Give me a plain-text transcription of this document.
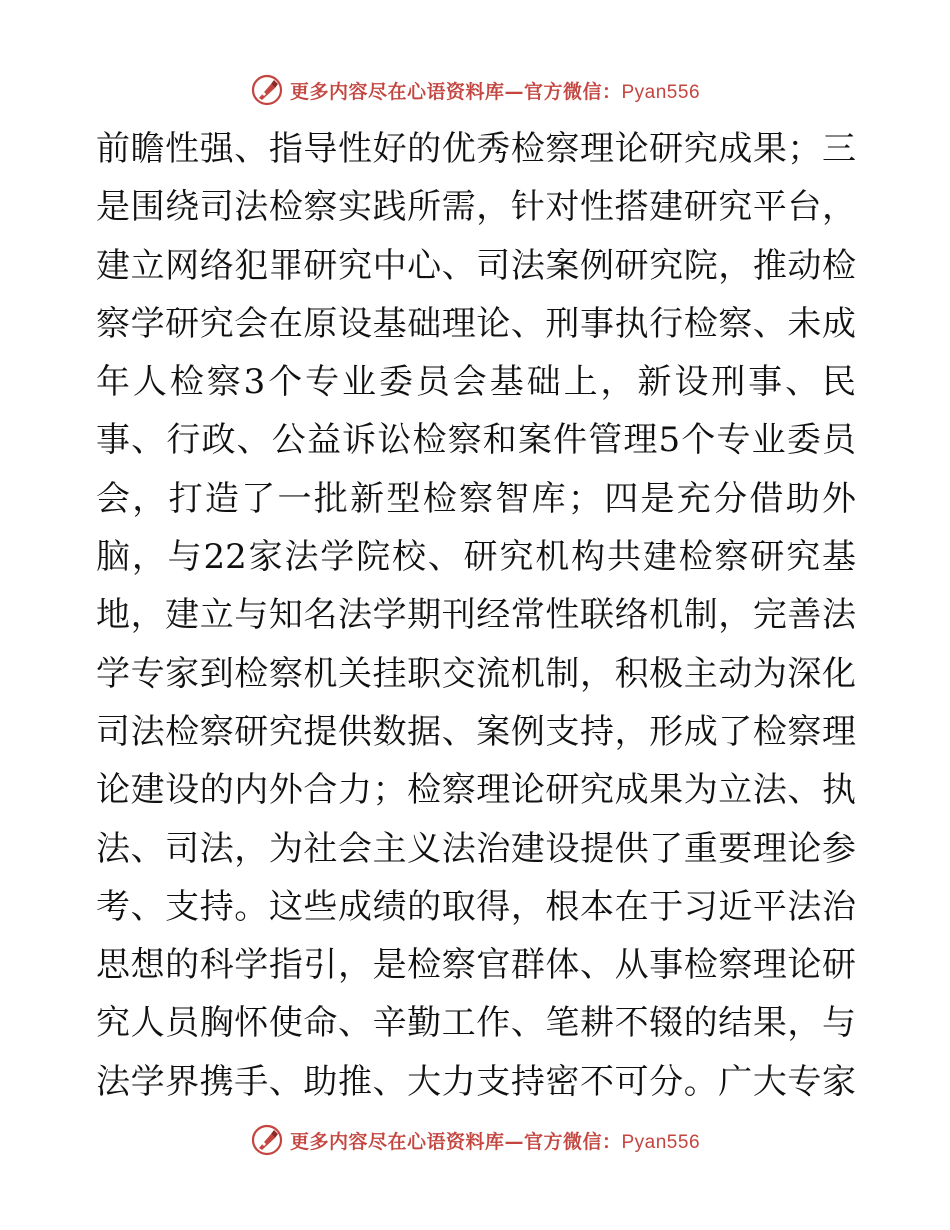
更多内容尽在心语资料库—官方微信：Pyan556
前瞻性强、指导性好的优秀检察理论研究成果；三
是围绕司法检察实践所需，针对性搭建研究平台，
建立网络犯罪研究中心、司法案例研究院，推动检
察学研究会在原设基础理论、刑事执行检察、未成
年人检察3个专业委员会基础上，新设刑事、民
事、行政、公益诉讼检察和案件管理5个专业委员
会，打造了一批新型检察智库；四是充分借助外
脑，与22家法学院校、研究机构共建检察研究基
地，建立与知名法学期刊经常性联络机制，完善法
学专家到检察机关挂职交流机制，积极主动为深化
司法检察研究提供数据、案例支持，形成了检察理
论建设的内外合力；检察理论研究成果为立法、执
法、司法，为社会主义法治建设提供了重要理论参
考、支持。这些成绩的取得，根本在于习近平法治
思想的科学指引，是检察官群体、从事检察理论研
究人员胸怀使命、辛勤工作、笔耕不辍的结果，与
法学界携手、助推、大力支持密不可分。广大专家
更多内容尽在心语资料库—官方微信：Pyan556
